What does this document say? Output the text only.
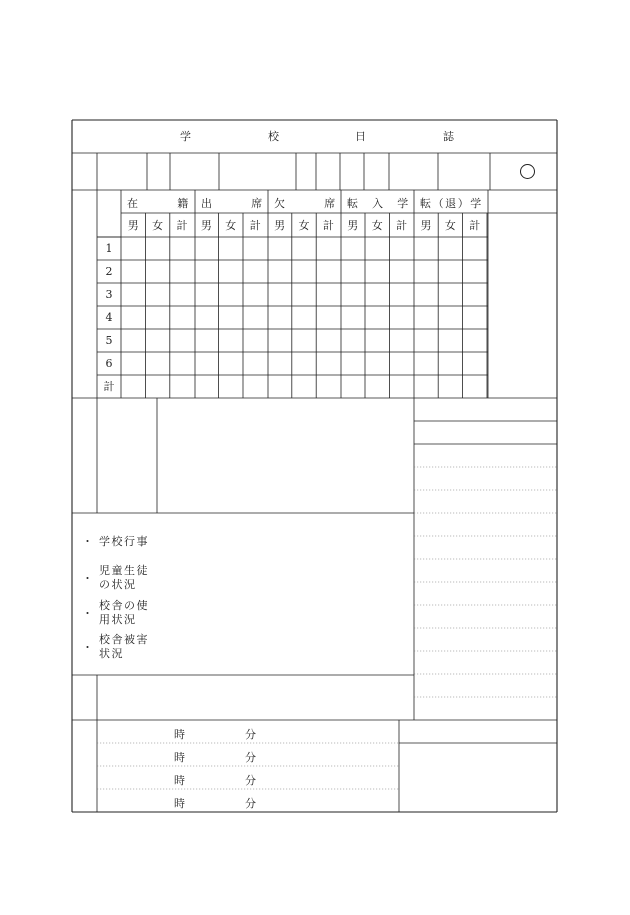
学	校	日	誌
在	籍 出	席 欠	席 転 入 学 転 （ 退 ） 学
男 女 計 男 女 計 男 女 計 男 女 計 男 女 計
1
2
3
4
5
6
計
・ 学校行事
・
児童生徒
の状況
・
校舎の使
用状況
・
校舎被害
状況
時	分
時	分
時	分
時	分
